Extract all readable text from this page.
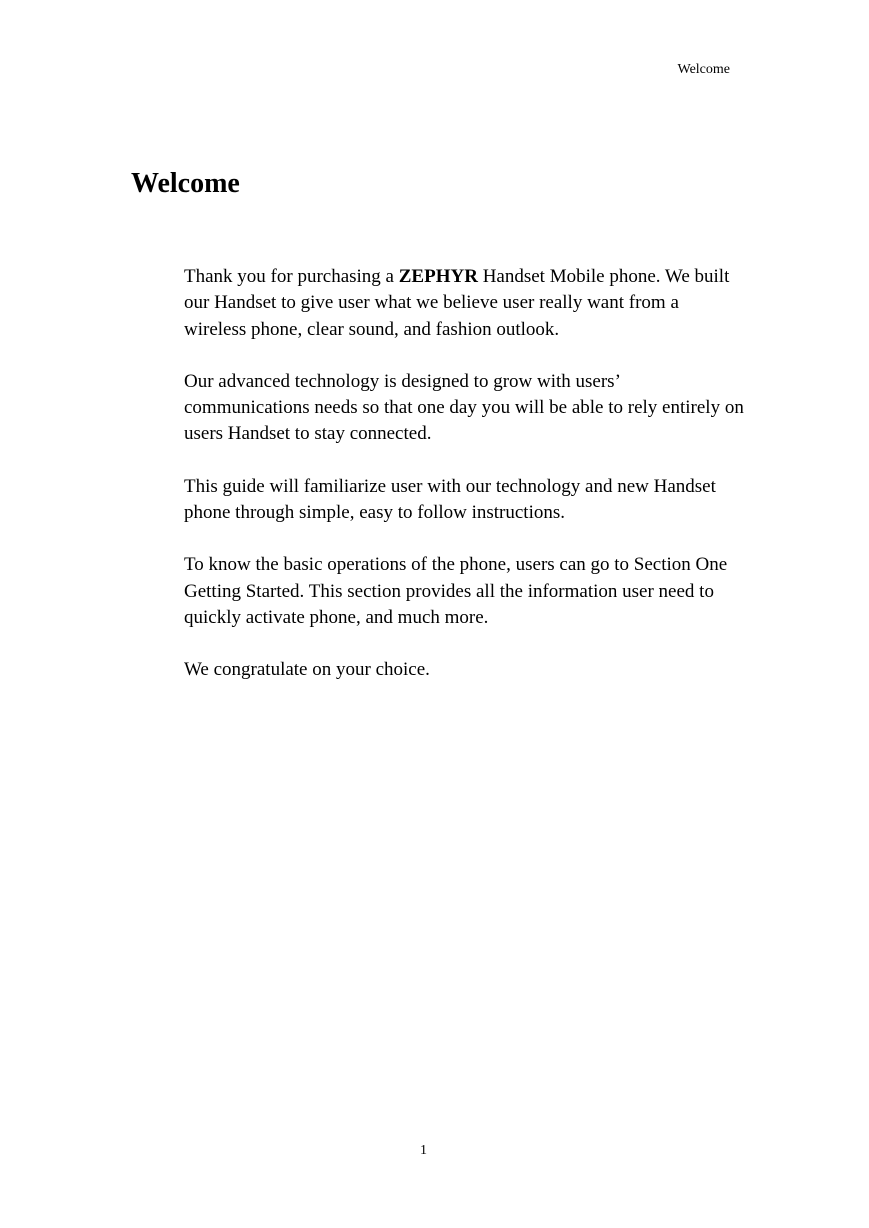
Welcome
Welcome

Thank you for purchasing a ZEPHYR Handset Mobile phone. We built our Handset to give user what we believe user really want from a wireless phone, clear sound, and fashion outlook.

Our advanced technology is designed to grow with users’ communications needs so that one day you will be able to rely entirely on users Handset to stay connected.

This guide will familiarize user with our technology and new Handset phone through simple, easy to follow instructions.

To know the basic operations of the phone, users can go to Section One Getting Started. This section provides all the information user need to quickly activate phone, and much more.

We congratulate on your choice.

1
